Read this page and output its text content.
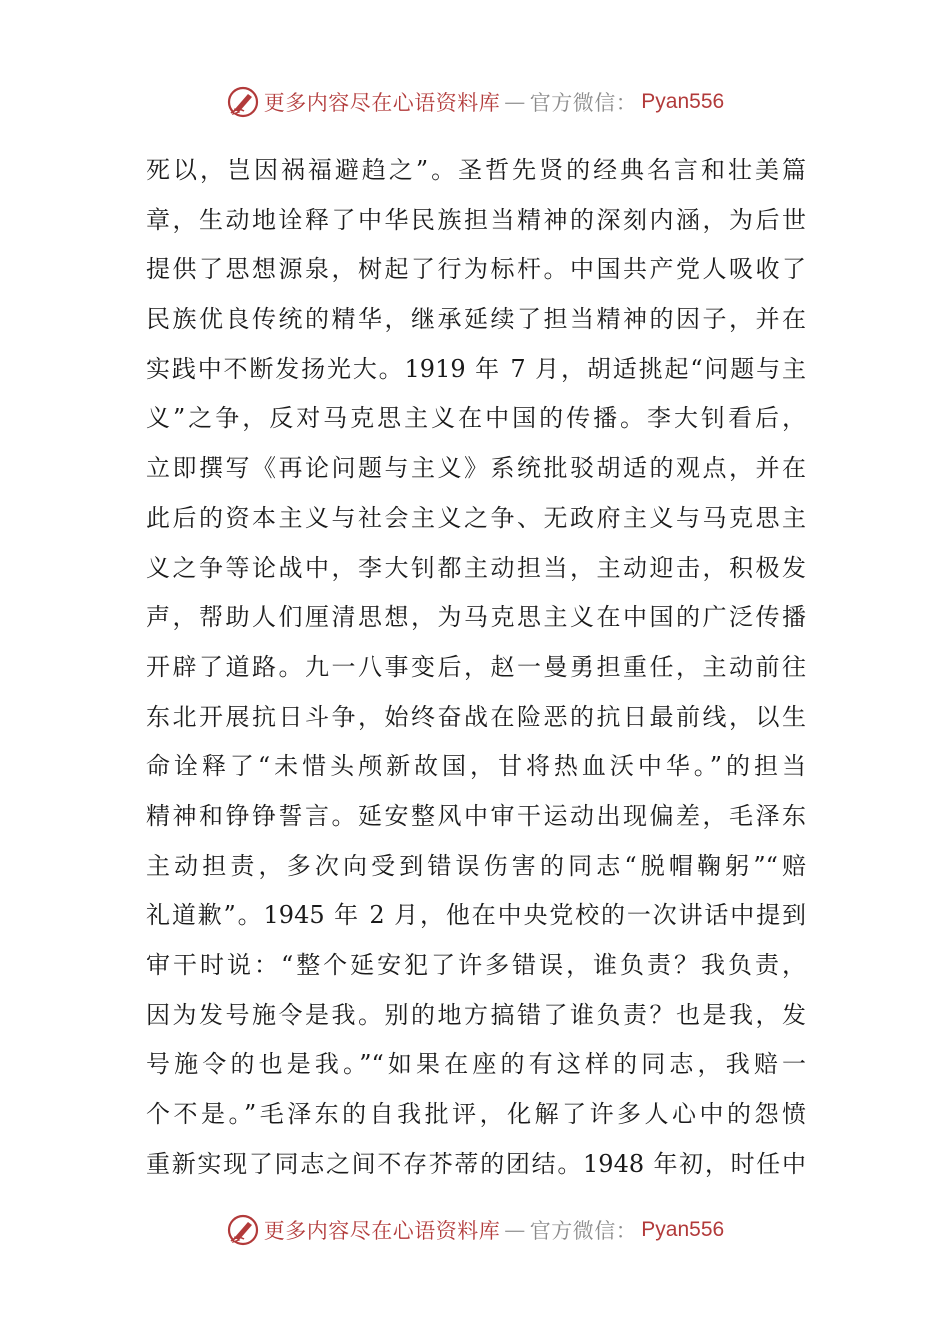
更多内容尽在心语资料库 — 官方微信： Pyan556
死以，岂因祸福避趋之”。圣哲先贤的经典名言和壮美篇
章，生动地诠释了中华民族担当精神的深刻内涵，为后世
提供了思想源泉，树起了行为标杆。中国共产党人吸收了
民族优良传统的精华，继承延续了担当精神的因子，并在
实践中不断发扬光大。1919 年 7 月，胡适挑起“问题与主
义”之争，反对马克思主义在中国的传播。李大钊看后，
立即撰写《再论问题与主义》系统批驳胡适的观点，并在
此后的资本主义与社会主义之争、无政府主义与马克思主
义之争等论战中，李大钊都主动担当，主动迎击，积极发
声，帮助人们厘清思想，为马克思主义在中国的广泛传播
开辟了道路。九一八事变后，赵一曼勇担重任，主动前往
东北开展抗日斗争，始终奋战在险恶的抗日最前线，以生
命诠释了“未惜头颅新故国，甘将热血沃中华。”的担当
精神和铮铮誓言。延安整风中审干运动出现偏差，毛泽东
主动担责，多次向受到错误伤害的同志“脱帽鞠躬”“赔
礼道歉”。1945 年 2 月，他在中央党校的一次讲话中提到
审干时说：“整个延安犯了许多错误，谁负责？我负责，
因为发号施令是我。别的地方搞错了谁负责？也是我，发
号施令的也是我。”“如果在座的有这样的同志，我赔一
个不是。”毛泽东的自我批评，化解了许多人心中的怨愤
重新实现了同志之间不存芥蒂的团结。1948 年初，时任中
更多内容尽在心语资料库 — 官方微信： Pyan556
